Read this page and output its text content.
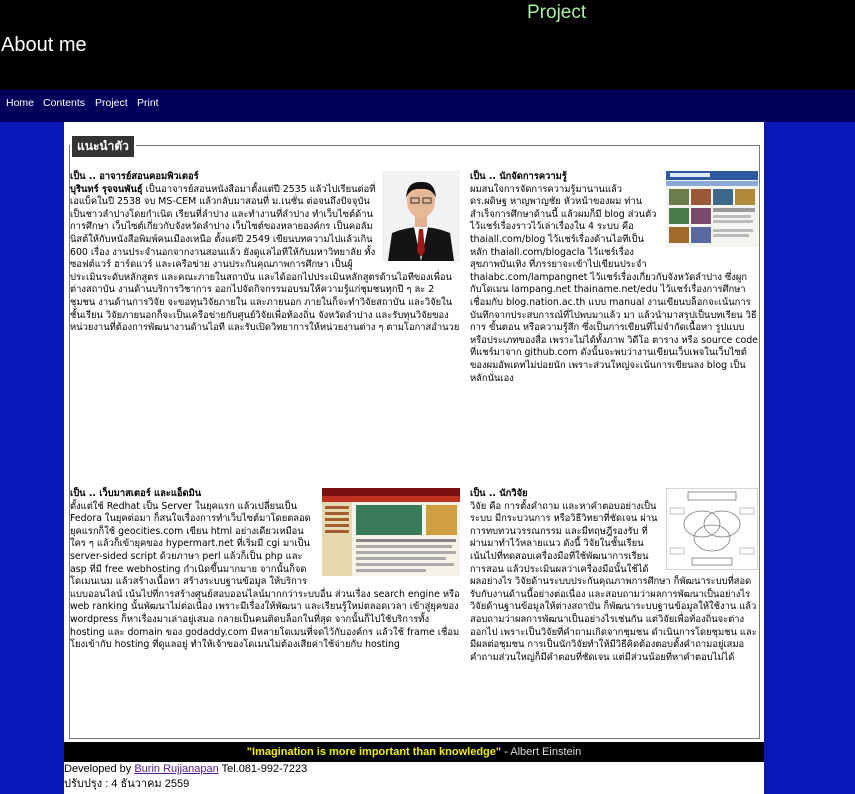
Project
About me
Home Contents Project Print
แนะนำตัว
เป็น .. อาจารย์สอนคอมพิวเตอร์
บุรินทร์ รุจจนพันธุ์ เป็นอาจารย์สอนหนังสือมาตั้งแต่ปี 2535 แล้วไปเรียนต่อที่เอแบ็คในปี 2538 จบ MS-CEM แล้วกลับมาสอนที่ ม.เนชั่น ต่อจนถึงปัจจุบัน เป็นชาวลำปางโดยกำเนิด เรียนที่ลำปาง และทำงานที่ลำปาง ทำเว็บไซต์ด้านการศึกษา เว็บไซต์เกี่ยวกับจังหวัดลำปาง เว็บไซต์ของหลายองค์กร เป็นคอลัมนิสต์ให้กับหนังสือพิมพ์คนเมืองเหนือ ตั้งแต่ปี 2549 เขียนบทความไปแล้วเกิน 600 เรื่อง งานประจำนอกจากงานสอนแล้ว ยังดูแลไอทีให้กับมหาวิทยาลัย ทั้งซอฟต์แวร์ ฮาร์ดแวร์ และเครือข่าย งานประกันคุณภาพการศึกษา เป็นผู้ประเมินระดับหลักสูตร และคณะภายในสถาบัน และได้ออกไปประเมินหลักสูตรด้านไอทีของเพื่อนต่างสถาบัน งานด้านบริการวิชาการ ออกไปจัดกิจกรรมอบรมให้ความรู้แก่ชุมชนทุกปี ๆ ละ 2 ชุมชน งานด้านการวิจัย จะขอทุนวิจัยภายใน และภายนอก ภายในก็จะทำวิจัยสถาบัน และวิจัยในชั้นเรียน วิจัยภายนอกก็จะเป็นเครือข่ายกับศูนย์วิจัยเพื่อท้องถิ่น จังหวัดลำปาง และรับทุนวิจัยของหน่วยงานที่ต้องการพัฒนางานด้านไอที และรับเปิดวิทยาการให้หน่วยงานต่าง ๆ ตามโอกาสอำนวย
เป็น .. นักจัดการความรู้
ผมสนใจการจัดการความรู้มานานแล้ว ดร.ผดิษฐ หาญพาญชัย หัวหน้าของผม ท่านสำเร็จการศึกษาด้านนี้ แล้วผมก็มี blog ส่วนตัวไว้แชร์เรื่องราวไว้เล่าเรื่องใน 4 ระบบ คือ thaiall.com/blog ไว้แชร์เรื่องด้านไอทีเป็นหลัก thaiall.com/blogacla ไว้แชร์เรื่องสุขภาพบันเทิง ที่ภรรยาจะเข้าไปเขียนประจำ thaiabc.com/lampangnet ไว้แชร์เรื่องเกี่ยวกับจังหวัดลำปาง ซึ่งผูกกับโดเมน lampang.net thainame.net/edu ไว้แชร์เรื่องการศึกษา เชื่อมกับ blog.nation.ac.th แบบ manual งานเขียนบล็อกจะเน้นการบันทึกจากประสบการณ์ที่ไปพบมาแล้ว มา แล้วนำมาสรุปเป็นบทเรียน วิธีการ ขั้นตอน หรือความรู้สึก ซึ่งเป็นการเขียนที่ไม่จำกัดเนื้อหา รูปแบบ หรือประเภทของสื่อ เพราะไม่ได้ทั้งภาพ วิดีโอ ตาราง หรือ source code ที่แชร์มาจาก github.com ดังนั้นจะพบว่างานเขียนเว็บเพจในเว็บไซต์ของผมอัพเดทไม่บ่อยนัก เพราะส่วนใหญ่จะเน้นการเขียนลง blog เป็นหลักนั่นเอง
เป็น .. เว็บมาสเตอร์ และแอ็ดมิน
ตั้งแต่ใช้ Redhat เป็น Server ในยุคแรก แล้วเปลี่ยนเป็น Fedora ในยุคต่อมา ก็สนใจเรื่องการทำเว็บไซต์มาโดยตลอด ยุคแรกก็ใช้ geocities.com เขียน html อย่างเดียวเหมือนใคร ๆ แล้วก็เข้ายุคของ hypermart.net ที่เริ่มมี cgi มาเป็น server-sided script ด้วยภาษา perl แล้วก็เป็น php และ asp ที่มี free webhosting กำเนิดขึ้นมากมาย จากนั้นก็จดโดเมนเนม แล้วสร้างเนื้อหา สร้างระบบฐานข้อมูล ให้บริการแบบออนไลน์ เน้นไปที่การสร้างศูนย์สอบออนไลน์มากกว่าระบบอื่น ส่วนเรื่อง search engine หรือ web ranking นั้นพัฒนาไม่ต่อเนื่อง เพราะมีเรื่องให้พัฒนา และเรียนรู้ใหม่ตลอดเวลา เข้าสู่ยุคของ wordpress ก็หาเรื่องมาเล่าอยู่เสมอ กลายเป็นคนติดบล็อกในที่สุด จากนั้นก็ไปใช้บริการทั้ง hosting และ domain ของ godaddy.com มีหลายโดเมนที่จดไว้กับองค์กร แล้วใช้ frame เชื่อมโยงเข้ากับ hosting ที่ดูแลอยู่ ทำให้เจ้าของโดเมนไม่ต้องเสียค่าใช้จ่ายกับ hosting
เป็น .. นักวิจัย
วิจัย คือ การตั้งคำถาม และหาคำตอบอย่างเป็นระบบ มีกระบวนการ หรือวิธีวิทยาที่ชัดเจน ผ่านการทบทวนวรรณกรรม และมีทฤษฎีรองรับ ที่ผ่านมาทำไว้หลายแนว ดังนี้ วิจัยในชั้นเรียน เน้นไปที่ทดสอบเครื่องมือที่ใช้พัฒนาการเรียนการสอน แล้วประเมินผลว่าเครื่องมือนั้นใช้ได้ผลอย่างไร วิจัยด้านระบบประกันคุณภาพการศึกษา ก็พัฒนาระบบที่สอดรับกับงานด้านนี้อย่างต่อเนื่อง และสอบถามว่าผลการพัฒนาเป็นอย่างไร วิจัยด้านฐานข้อมูลให้ต่างสถาบัน ก็พัฒนาระบบฐานข้อมูลให้ใช้งาน แล้วสอบถามว่าผลการพัฒนาเป็นอย่างไรเช่นกัน แต่วิจัยเพื่อท้องถิ่นจะต่างออกไป เพราะเป็นวิจัยที่คำถามเกิดจากชุมชน ดำเนินการโดยชุมชน และมีผลต่อชุมชน การเป็นนักวิจัยทำให้มีวิธีคิดต้องตอบตั้งคำถามอยู่เสมอ คำถามส่วนใหญ่ก็มีคำตอบที่ชัดเจน แต่มีส่วนน้อยที่หาคำตอบไม่ได้
"Imagination is more important than knowledge" - Albert Einstein
Developed by Burin Rujjanapan Tel.081-992-7223
ปรับปรุง : 4 ธันวาคม 2559
